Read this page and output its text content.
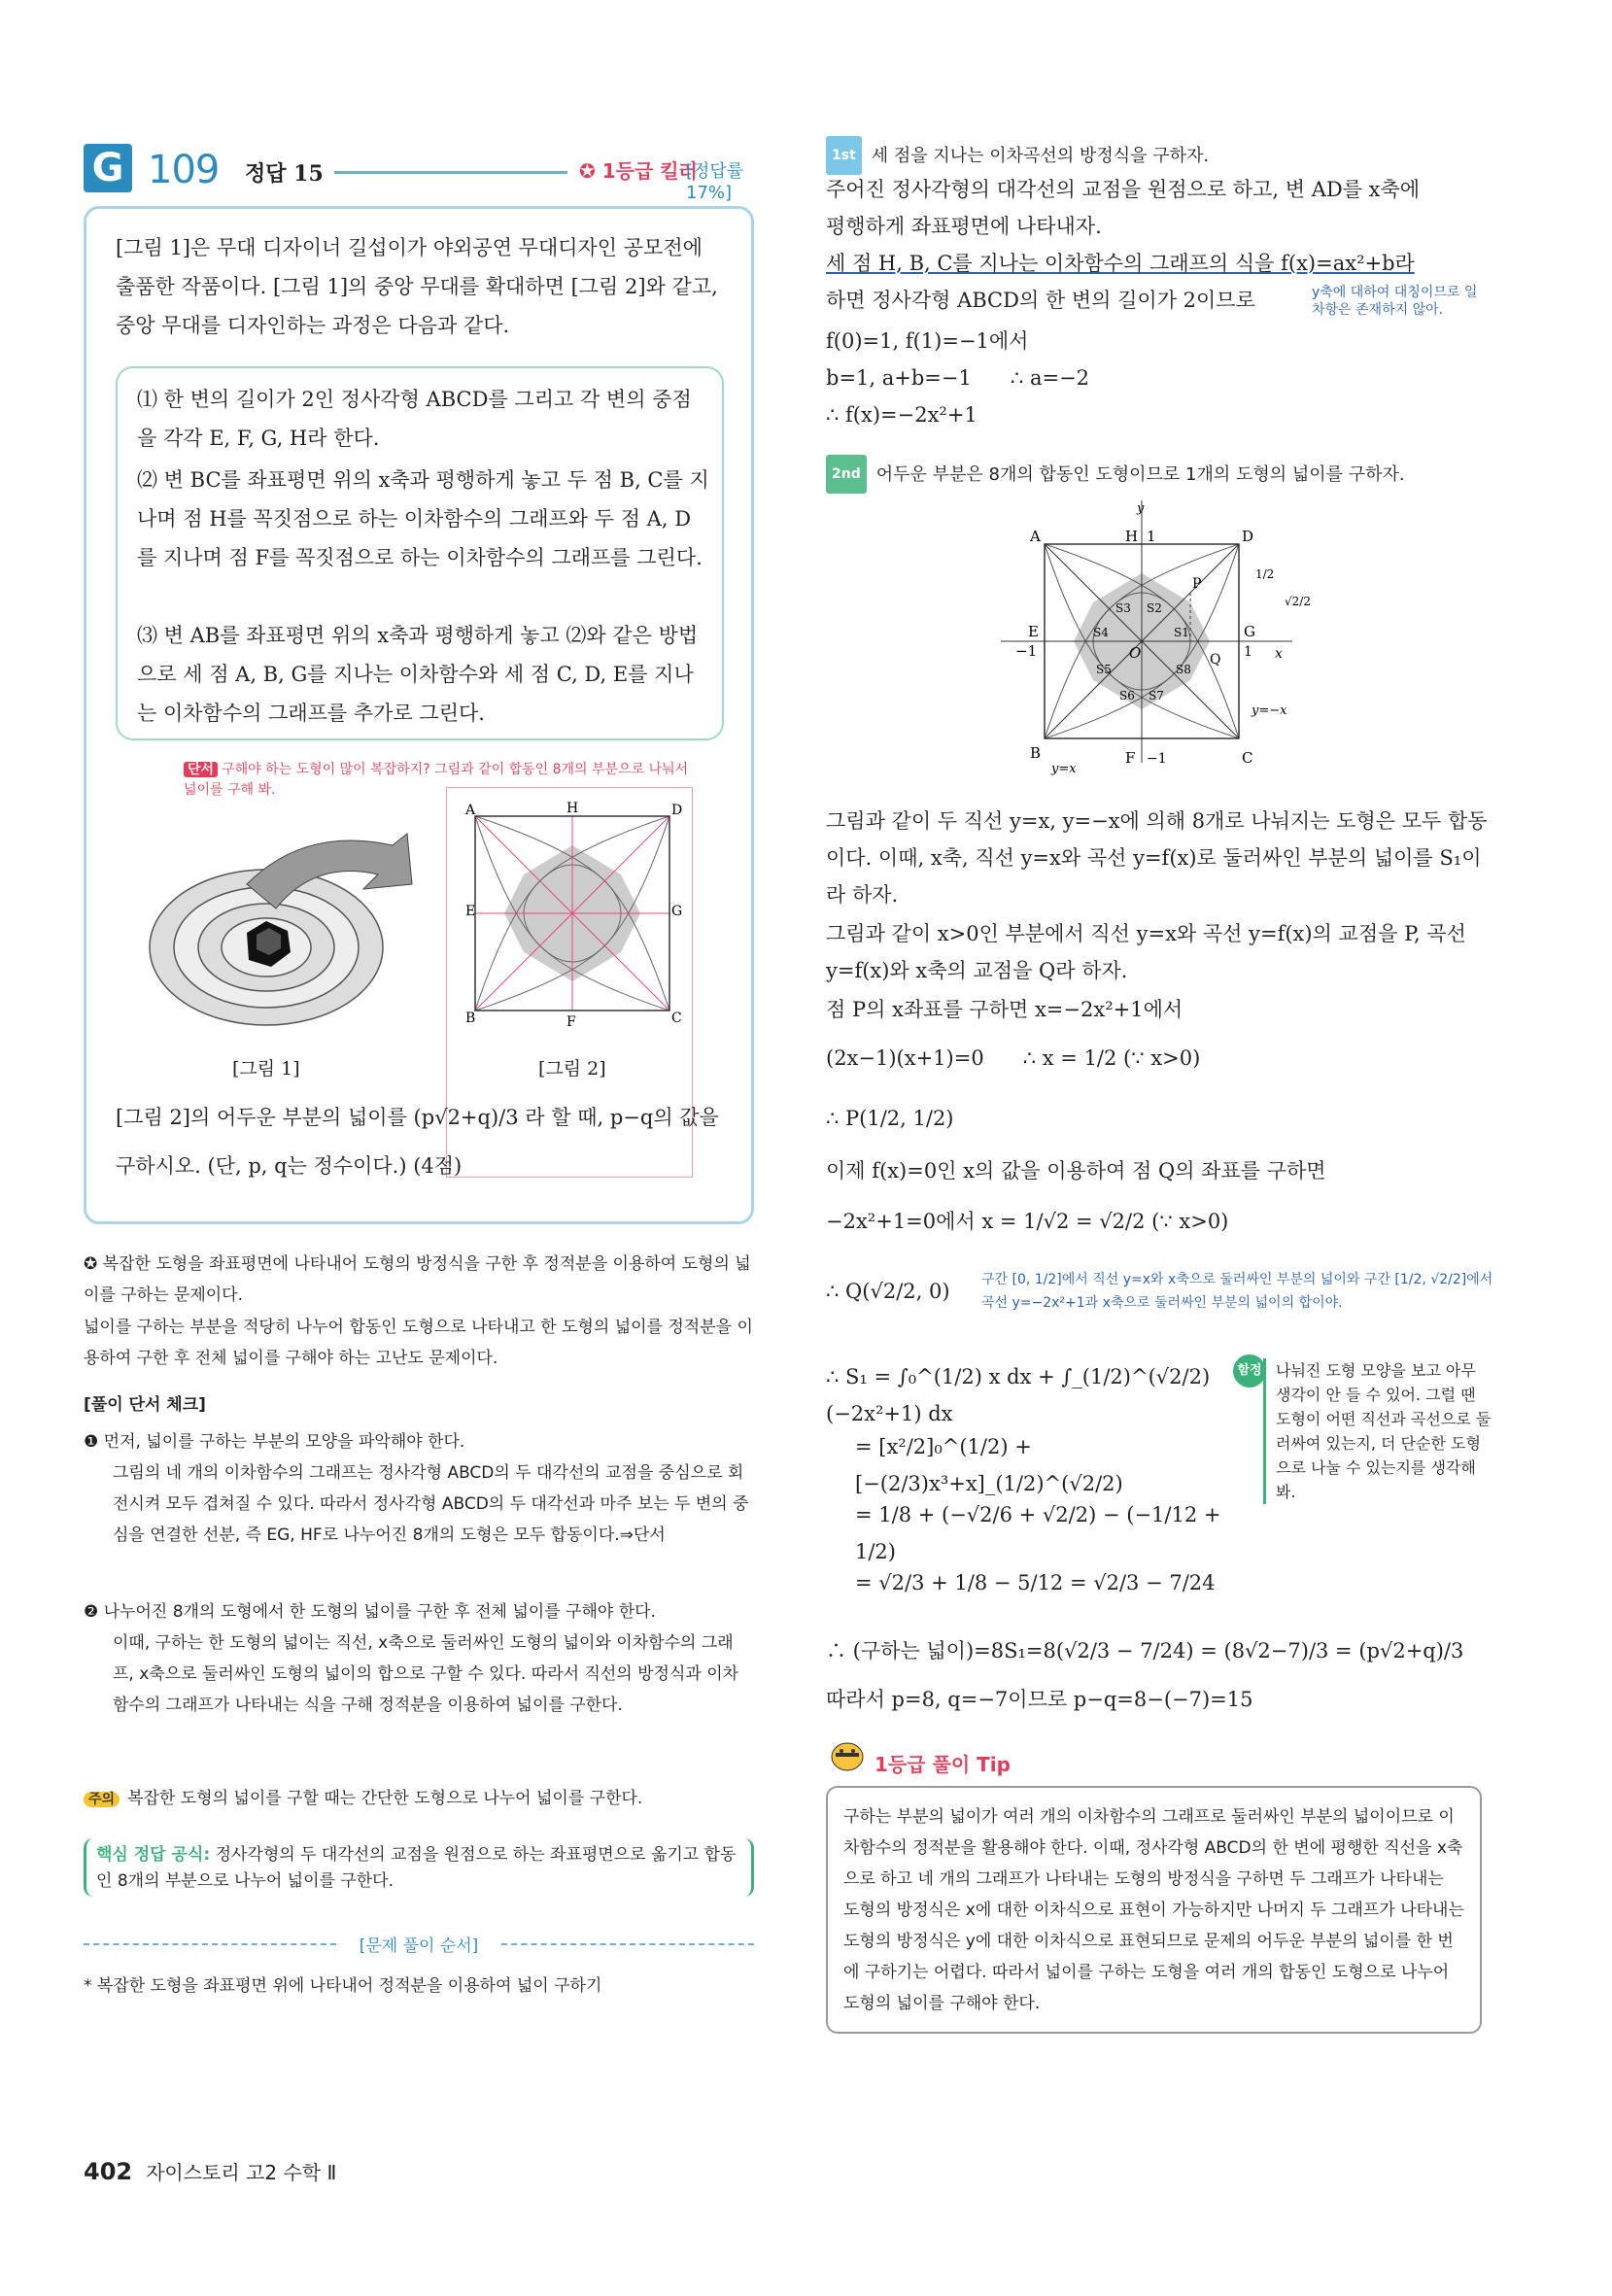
G 109 정답 15	✪ 1등급 킬러
[정답률 17%]
[그림 1]은 무대 디자이너 길섭이가 야외공연 무대디자인 공모전에 출품한 작품이다. [그림 1]의 중앙 무대를 확대하면 [그림 2]와 같고, 중앙 무대를 디자인하는 과정은 다음과 같다.
⑴ 한 변의 길이가 2인 정사각형 ABCD를 그리고 각 변의 중점을 각각 E, F, G, H라 한다.
⑵ 변 BC를 좌표평면 위의 x축과 평행하게 놓고 두 점 B, C를 지나며 점 H를 꼭짓점으로 하는 이차함수의 그래프와 두 점 A, D를 지나며 점 F를 꼭짓점으로 하는 이차함수의 그래프를 그린다.
⑶ 변 AB를 좌표평면 위의 x축과 평행하게 놓고 ⑵와 같은 방법으로 세 점 A, B, G를 지나는 이차함수와 세 점 C, D, E를 지나는 이차함수의 그래프를 추가로 그린다.
단서 구해야 하는 도형이 많이 복잡하지? 그림과 같이 합동인 8개의 부분으로 나눠서 넓이를 구해 봐.
[그림 1]
A	H	D
E	G
B	F	C
[그림 2]
[그림 2]의 어두운 부분의 넓이를 (p√2+q)/3 라 할 때, p−q의 값을 구하시오. (단, p, q는 정수이다.) (4점)
✪ 복잡한 도형을 좌표평면에 나타내어 도형의 방정식을 구한 후 정적분을 이용하여 도형의 넓이를 구하는 문제이다.
넓이를 구하는 부분을 적당히 나누어 합동인 도형으로 나타내고 한 도형의 넓이를 정적분을 이용하여 구한 후 전체 넓이를 구해야 하는 고난도 문제이다.
[풀이 단서 체크]
❶ 먼저, 넓이를 구하는 부분의 모양을 파악해야 한다.
그림의 네 개의 이차함수의 그래프는 정사각형 ABCD의 두 대각선의 교점을 중심으로 회전시켜 모두 겹쳐질 수 있다. 따라서 정사각형 ABCD의 두 대각선과 마주 보는 두 변의 중심을 연결한 선분, 즉 EG, HF로 나누어진 8개의 도형은 모두 합동이다.⇒단서
❷ 나누어진 8개의 도형에서 한 도형의 넓이를 구한 후 전체 넓이를 구해야 한다.
이때, 구하는 한 도형의 넓이는 직선, x축으로 둘러싸인 도형의 넓이와 이차함수의 그래프, x축으로 둘러싸인 도형의 넓이의 합으로 구할 수 있다. 따라서 직선의 방정식과 이차함수의 그래프가 나타내는 식을 구해 정적분을 이용하여 넓이를 구한다.
주의 복잡한 도형의 넓이를 구할 때는 간단한 도형으로 나누어 넓이를 구한다.
핵심 정답 공식: 정사각형의 두 대각선의 교점을 원점으로 하는 좌표평면으로 옮기고 합동인 8개의 부분으로 나누어 넓이를 구한다.
[문제 풀이 순서]
* 복잡한 도형을 좌표평면 위에 나타내어 정적분을 이용하여 넓이 구하기
1st 세 점을 지나는 이차곡선의 방정식을 구하자.
주어진 정사각형의 대각선의 교점을 원점으로 하고, 변 AD를 x축에
평행하게 좌표평면에 나타내자.
세 점 H, B, C를 지나는 이차함수의 그래프의 식을 f(x)=ax²+b라
하면 정사각형 ABCD의 한 변의 길이가 2이므로	y축에 대하여 대칭이므로 일차항은 존재하지 않아.
f(0)=1, f(1)=−1에서
b=1, a+b=−1      ∴ a=−2
∴ f(x)=−2x²+1
2nd 어두운 부분은 8개의 합동인 도형이므로 1개의 도형의 넓이를 구하자.
y
A	H 1	D
P
1/2
√2/2
E
−1	O
G
1 x
Q
y=−x
B
y=x
F −1	C
S3 S2
S1
S4
S5
S6 S7
S8
그림과 같이 두 직선 y=x, y=−x에 의해 8개로 나눠지는 도형은 모두 합동이다. 이때, x축, 직선 y=x와 곡선 y=f(x)로 둘러싸인 부분의 넓이를 S₁이라 하자.
그림과 같이 x>0인 부분에서 직선 y=x와 곡선 y=f(x)의 교점을 P, 곡선 y=f(x)와 x축의 교점을 Q라 하자.
점 P의 x좌표를 구하면 x=−2x²+1에서
(2x−1)(x+1)=0      ∴ x = 1/2 (∵ x>0)
∴ P(1/2, 1/2)
이제 f(x)=0인 x의 값을 이용하여 점 Q의 좌표를 구하면
−2x²+1=0에서 x = 1/√2 = √2/2 (∵ x>0)
∴ Q(√2/2, 0)	구간 [0, 1/2]에서 직선 y=x와 x축으로 둘러싸인 부분의 넓이와 구간 [1/2, √2/2]에서 곡선 y=−2x²+1과 x축으로 둘러싸인 부분의 넓이의 합이야.
∴ S₁ = ∫₀^(1/2) x dx + ∫_(1/2)^(√2/2) (−2x²+1) dx
= [x²/2]₀^(1/2) + [−(2/3)x³+x]_(1/2)^(√2/2)
= 1/8 + (−√2/6 + √2/2) − (−1/12 + 1/2)
= √2/3 + 1/8 − 5/12 = √2/3 − 7/24
∴ (구하는 넓이)=8S₁=8(√2/3 − 7/24) = (8√2−7)/3 = (p√2+q)/3
따라서 p=8, q=−7이므로 p−q=8−(−7)=15
함정 나눠진 도형 모양을 보고 아무 생각이 안 들 수 있어. 그럴 땐 도형이 어떤 직선과 곡선으로 둘러싸여 있는지, 더 단순한 도형으로 나눌 수 있는지를 생각해 봐.
1등급 풀이 Tip
구하는 부분의 넓이가 여러 개의 이차함수의 그래프로 둘러싸인 부분의 넓이이므로 이차함수의 정적분을 활용해야 한다. 이때, 정사각형 ABCD의 한 변에 평행한 직선을 x축으로 하고 네 개의 그래프가 나타내는 도형의 방정식을 구하면 두 그래프가 나타내는 도형의 방정식은 x에 대한 이차식으로 표현이 가능하지만 나머지 두 그래프가 나타내는 도형의 방정식은 y에 대한 이차식으로 표현되므로 문제의 어두운 부분의 넓이를 한 번에 구하기는 어렵다. 따라서 넓이를 구하는 도형을 여러 개의 합동인 도형으로 나누어 도형의 넓이를 구해야 한다.
402 자이스토리 고2 수학 Ⅱ
